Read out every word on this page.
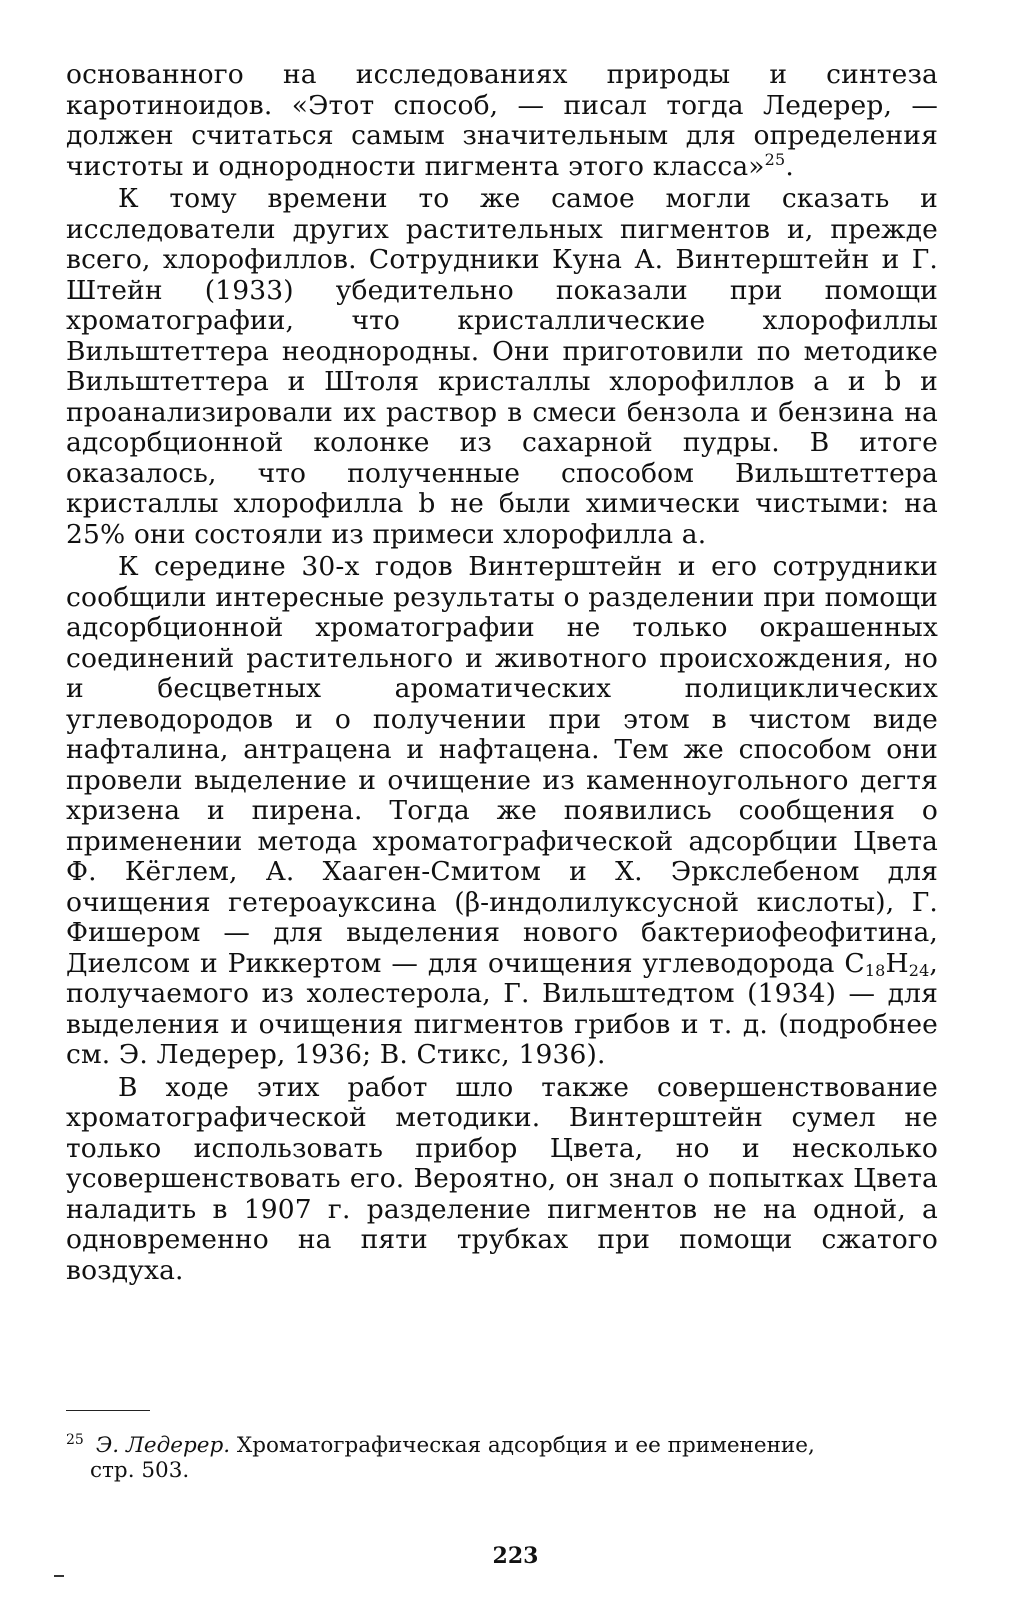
основанного на исследованиях природы и синтеза каротиноидов. «Этот способ, — писал тогда Ледерер, — должен считаться самым значительным для определения чистоты и однородности пигмента этого класса»$^{25}$.

К тому времени то же самое могли сказать и исследователи других растительных пигментов и, прежде всего, хлорофиллов. Сотрудники Куна А. Винтерштейн и Г. Штейн (1933) убедительно показали при помощи хроматографии, что кристаллические хлорофиллы Вильштеттера неоднородны. Они приготовили по методике Вильштеттера и Штоля кристаллы хлорофиллов a и b и проанализировали их раствор в смеси бензола и бензина на адсорбционной колонке из сахарной пудры. В итоге оказалось, что полученные способом Вильштеттера кристаллы хлорофилла b не были химически чистыми: на 25% они состояли из примеси хлорофилла a.

К середине 30-х годов Винтерштейн и его сотрудники сообщили интересные результаты о разделении при помощи адсорбционной хроматографии не только окрашенных соединений растительного и животного происхождения, но и бесцветных ароматических полициклических углеводородов и о получении при этом в чистом виде нафталина, антрацена и нафтацена. Тем же способом они провели выделение и очищение из каменноугольного дегтя хризена и пирена. Тогда же появились сообщения о применении метода хроматографической адсорбции Цвета Ф. Кёглем, А. Хааген-Смитом и Х. Эркслебеном для очищения гетероауксина (β-индолилуксусной кислоты), Г. Фишером — для выделения нового бактериофеофитина, Диелсом и Риккертом — для очищения углеводорода $C_{18}H_{24}$, получаемого из холестерола, Г. Вильштедтом (1934) — для выделения и очищения пигментов грибов и т. д. (подробнее см. Э. Ледерер, 1936; В. Стикс, 1936).

В ходе этих работ шло также совершенствование хроматографической методики. Винтерштейн сумел не только использовать прибор Цвета, но и несколько усовершенствовать его. Вероятно, он знал о попытках Цвета наладить в 1907 г. разделение пигментов не на одной, а одновременно на пяти трубках при помощи сжатого воздуха.

$^{25}$ Э. Ледерер. Хроматографическая адсорбция и ее применение,
стр. 503.
223
